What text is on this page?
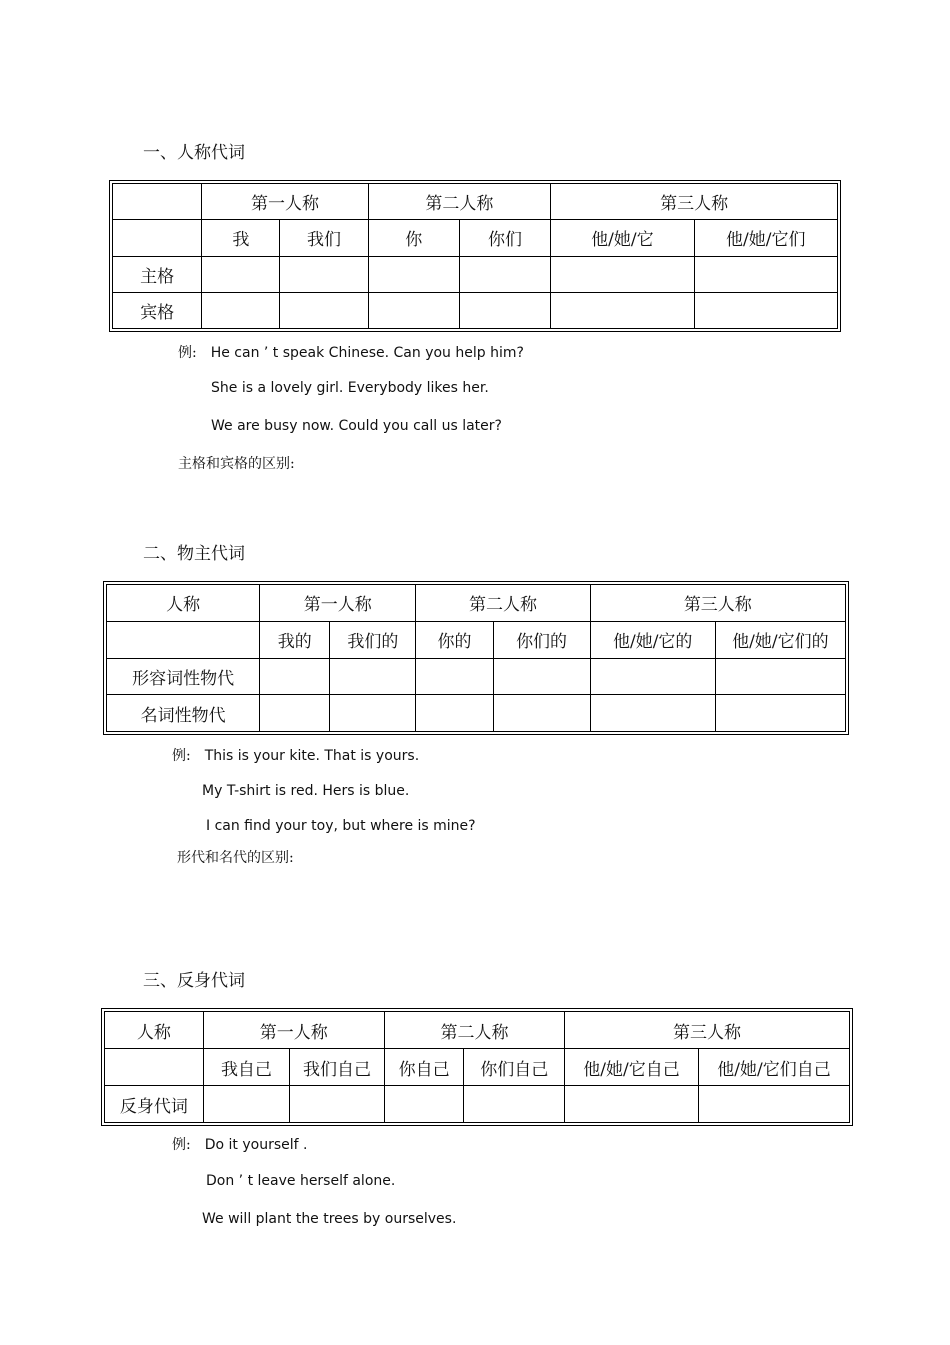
一、人称代词
	第一人称		第二人称		第三人称	
	我	我们	你	你们	他/她/它	他/她/它们
主格						
宾格						
例: He can ’ t speak Chinese. Can you help him?
She is a lovely girl. Everybody likes her.
We are busy now. Could you call us later?
主格和宾格的区别:
二、物主代词
人称	第一人称		第二人称		第三人称	
	我的	我们的	你的	你们的	他/她/它的	他/她/它们的
形容词性物代						
名词性物代						
例: This is your kite. That is yours.
My T-shirt is red. Hers is blue.
I can find your toy, but where is mine?
形代和名代的区别:
三、反身代词
人称	第一人称		第二人称		第三人称	
	我自己	我们自己	你自己	你们自己	他/她/它自己	他/她/它们自己
反身代词						
例: Do it yourself .
Don ’ t leave herself alone.
We will plant the trees by ourselves.
